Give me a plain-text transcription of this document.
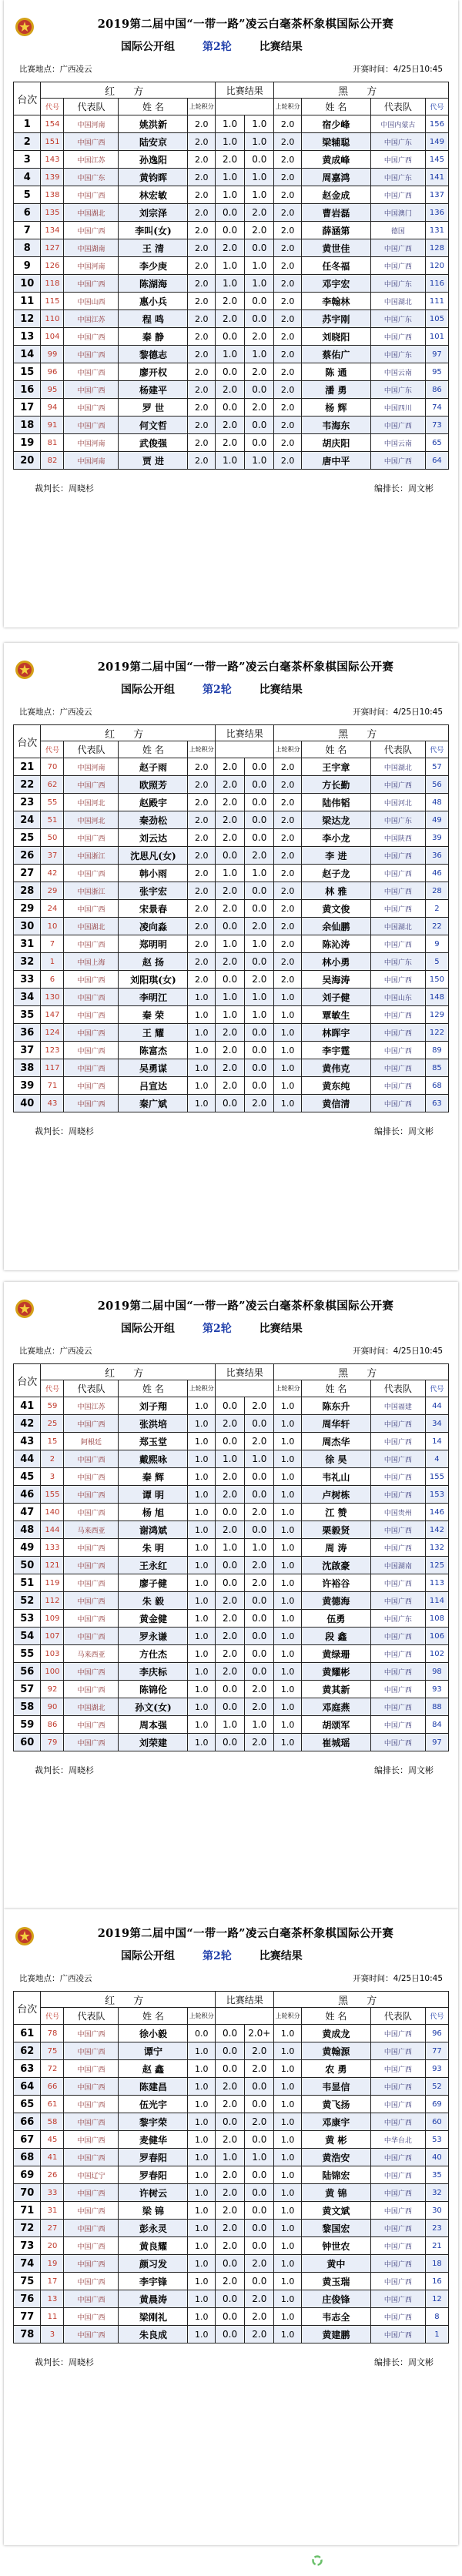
2019第二届中国“一带一路”凌云白毫茶杯象棋国际公开赛
国际公开组	第2轮	比赛结果
比赛地点：广西凌云	开赛时间：4/25日10:45
台次	红 方				比赛结果		黑 方			
	代号	代表队	姓 名	上轮积分			上轮积分	姓 名	代表队	代号
1	154	中国河南	姚洪新	2.0	1.0	1.0	2.0	宿少峰	中国内蒙古	156
2	151	中国广西	陆安京	2.0	1.0	1.0	2.0	梁辅聪	中国广东	149
3	143	中国江苏	孙逸阳	2.0	2.0	0.0	2.0	黄成峰	中国广西	145
4	139	中国广东	黄钧晖	2.0	1.0	1.0	2.0	周嘉鸿	中国广东	141
5	138	中国广西	林宏敏	2.0	1.0	1.0	2.0	赵金成	中国广西	137
6	135	中国湖北	刘宗泽	2.0	0.0	2.0	2.0	曹岩磊	中国澳门	136
7	134	中国广西	李叫(女)	2.0	0.0	2.0	2.0	薛涵第	德国	131
8	127	中国湖南	王 清	2.0	2.0	0.0	2.0	黄世佳	中国广西	128
9	126	中国河南	李少庚	2.0	1.0	1.0	2.0	任冬福	中国广西	120
10	118	中国广西	陈湖海	2.0	1.0	1.0	2.0	邓宇宏	中国广东	116
11	115	中国山西	惠小兵	2.0	2.0	0.0	2.0	李翰林	中国湖北	111
12	110	中国江苏	程 鸣	2.0	2.0	0.0	2.0	苏宇刚	中国广东	105
13	104	中国广西	秦 静	2.0	0.0	2.0	2.0	刘晓阳	中国广西	101
14	99	中国广西	黎德志	2.0	1.0	1.0	2.0	蔡佑广	中国广东	97
15	96	中国广西	廖开权	2.0	0.0	2.0	2.0	陈 通	中国云南	95
16	95	中国广西	杨建平	2.0	2.0	0.0	2.0	潘 勇	中国广东	86
17	94	中国广西	罗 世	2.0	0.0	2.0	2.0	杨 辉	中国四川	74
18	91	中国广西	何文哲	2.0	2.0	0.0	2.0	韦海东	中国广西	73
19	81	中国河南	武俊强	2.0	2.0	0.0	2.0	胡庆阳	中国云南	65
20	82	中国河南	贾 进	2.0	1.0	1.0	2.0	唐中平	中国广西	64
裁判长：周晓杉	编排长：周文彬
2019第二届中国“一带一路”凌云白毫茶杯象棋国际公开赛
国际公开组	第2轮	比赛结果
比赛地点：广西凌云	开赛时间：4/25日10:45
台次	红 方				比赛结果		黑 方			
	代号	代表队	姓 名	上轮积分			上轮积分	姓 名	代表队	代号
21	70	中国河南	赵子雨	2.0	2.0	0.0	2.0	王宇章	中国湖北	57
22	62	中国广西	欧照芳	2.0	2.0	0.0	2.0	方长勤	中国广西	56
23	55	中国河北	赵殿宇	2.0	2.0	0.0	2.0	陆伟韬	中国河北	48
24	51	中国河北	秦劲松	2.0	2.0	0.0	2.0	梁达龙	中国广东	49
25	50	中国广西	刘云达	2.0	2.0	0.0	2.0	李小龙	中国陕西	39
26	37	中国浙江	沈思凡(女)	2.0	0.0	2.0	2.0	李 进	中国广西	36
27	42	中国广西	韩小雨	2.0	1.0	1.0	2.0	赵子龙	中国广西	46
28	29	中国浙江	张宇宏	2.0	2.0	0.0	2.0	林 雅	中国广西	28
29	24	中国广西	宋景春	2.0	2.0	0.0	2.0	黄文俊	中国广西	2
30	10	中国湖北	凌向淼	2.0	0.0	2.0	2.0	余仙鹏	中国湖北	22
31	7	中国广西	郑明明	2.0	1.0	1.0	2.0	陈沁涛	中国广西	9
32	1	中国上海	赵 扬	2.0	2.0	0.0	2.0	林小勇	中国广东	5
33	6	中国广西	刘阳琪(女)	2.0	0.0	2.0	2.0	吴海涛	中国广西	150
34	130	中国广西	李明江	1.0	1.0	1.0	1.0	刘子健	中国山东	148
35	147	中国广西	秦 荣	1.0	1.0	1.0	1.0	覃敏生	中国广西	129
36	124	中国广西	王 耀	1.0	2.0	0.0	1.0	林晖宇	中国广西	122
37	123	中国广西	陈富杰	1.0	2.0	0.0	1.0	李宇霆	中国广西	89
38	117	中国广西	吴勇谋	1.0	2.0	0.0	1.0	黄伟克	中国广西	85
39	71	中国广西	吕宣达	1.0	2.0	0.0	1.0	黄东纯	中国广西	68
40	43	中国广西	秦广斌	1.0	0.0	2.0	1.0	黄信清	中国广西	63
裁判长：周晓杉	编排长：周文彬
2019第二届中国“一带一路”凌云白毫茶杯象棋国际公开赛
国际公开组	第2轮	比赛结果
比赛地点：广西凌云	开赛时间：4/25日10:45
台次	红 方				比赛结果		黑 方			
	代号	代表队	姓 名	上轮积分			上轮积分	姓 名	代表队	代号
41	59	中国江苏	刘子翔	1.0	0.0	2.0	1.0	陈东升	中国福建	44
42	25	中国广西	张洪培	1.0	2.0	0.0	1.0	周华轩	中国广西	34
43	15	阿根廷	郑玉堂	1.0	0.0	2.0	1.0	周杰华	中国广西	14
44	2	中国广西	戴熙咏	1.0	1.0	1.0	1.0	徐 昊	中国广西	4
45	3	中国广西	秦 辉	1.0	2.0	0.0	1.0	韦礼山	中国广西	155
46	155	中国广西	谭 明	1.0	2.0	0.0	1.0	卢树栋	中国广西	153
47	140	中国广西	杨 旭	1.0	0.0	2.0	1.0	江 赞	中国贵州	146
48	144	马来西亚	谢鸿斌	1.0	2.0	0.0	1.0	栗毅贤	中国广西	142
49	133	中国广西	朱 明	1.0	1.0	1.0	1.0	周 涛	中国广西	132
50	121	中国广西	王永红	1.0	0.0	2.0	1.0	沈啟豪	中国湖南	125
51	119	中国广西	廖子健	1.0	0.0	2.0	1.0	许裕谷	中国广西	113
52	112	中国广西	朱 毅	1.0	2.0	0.0	1.0	黄德海	中国广西	114
53	109	中国广西	黄金健	1.0	2.0	0.0	1.0	伍勇	中国广东	108
54	107	中国广西	罗永谦	1.0	2.0	0.0	1.0	段 鑫	中国广西	106
55	103	马来西亚	方仕杰	1.0	2.0	0.0	1.0	黄绿珊	中国广西	102
56	100	中国广西	李庆标	1.0	2.0	0.0	1.0	黄耀彬	中国广西	98
57	92	中国广西	陈锦伦	1.0	0.0	2.0	1.0	黄其新	中国广西	93
58	90	中国湖北	孙文(女)	1.0	0.0	2.0	1.0	邓庭燕	中国广西	88
59	86	中国广西	周本强	1.0	1.0	1.0	1.0	胡颂军	中国广西	84
60	79	中国广西	刘荣建	1.0	0.0	2.0	1.0	崔城瑶	中国广西	97
裁判长：周晓杉	编排长：周文彬
2019第二届中国“一带一路”凌云白毫茶杯象棋国际公开赛
国际公开组	第2轮	比赛结果
比赛地点：广西凌云	开赛时间：4/25日10:45
台次	红 方				比赛结果		黑 方			
	代号	代表队	姓 名	上轮积分			上轮积分	姓 名	代表队	代号
61	78	中国广西	徐小毅	0.0	0.0	2.0+	1.0	黄成龙	中国广西	96
62	75	中国广西	谭宁	1.0	0.0	2.0	1.0	黄翰源	中国广西	77
63	72	中国广西	赵 鑫	1.0	0.0	2.0	1.0	农 勇	中国广西	93
64	66	中国广西	陈建昌	1.0	2.0	0.0	1.0	韦显信	中国广西	52
65	61	中国广西	伍光宇	1.0	2.0	0.0	1.0	黄飞扬	中国广西	69
66	58	中国广西	黎宇荣	1.0	0.0	2.0	1.0	邓康宇	中国广西	60
67	45	中国广西	麦健华	1.0	2.0	0.0	1.0	黄 彬	中华台北	53
68	41	中国广西	罗春阳	1.0	1.0	1.0	1.0	黄浩安	中国广西	40
69	26	中国辽宁	罗春阳	1.0	2.0	0.0	1.0	陆锦宏	中国广西	35
70	33	中国广西	许树云	1.0	2.0	0.0	1.0	黄 锦	中国广西	32
71	31	中国广西	梁 锦	1.0	2.0	0.0	1.0	黄文斌	中国广西	30
72	27	中国广西	彭永灵	1.0	2.0	0.0	1.0	黎国宏	中国广西	23
73	20	中国广西	黄良耀	1.0	2.0	0.0	1.0	钟世农	中国广西	21
74	19	中国广西	颜习发	1.0	0.0	2.0	1.0	黄中	中国广西	18
75	17	中国广西	李宇锋	1.0	2.0	0.0	1.0	黄玉瑞	中国广西	16
76	13	中国广西	黄晨涛	1.0	0.0	2.0	1.0	庄俊锋	中国广西	12
77	11	中国广西	梁刚礼	1.0	0.0	2.0	1.0	韦志全	中国广西	8
78	3	中国广西	朱良成	1.0	0.0	2.0	1.0	黄建鹏	中国广西	1
裁判长：周晓杉	编排长：周文彬
